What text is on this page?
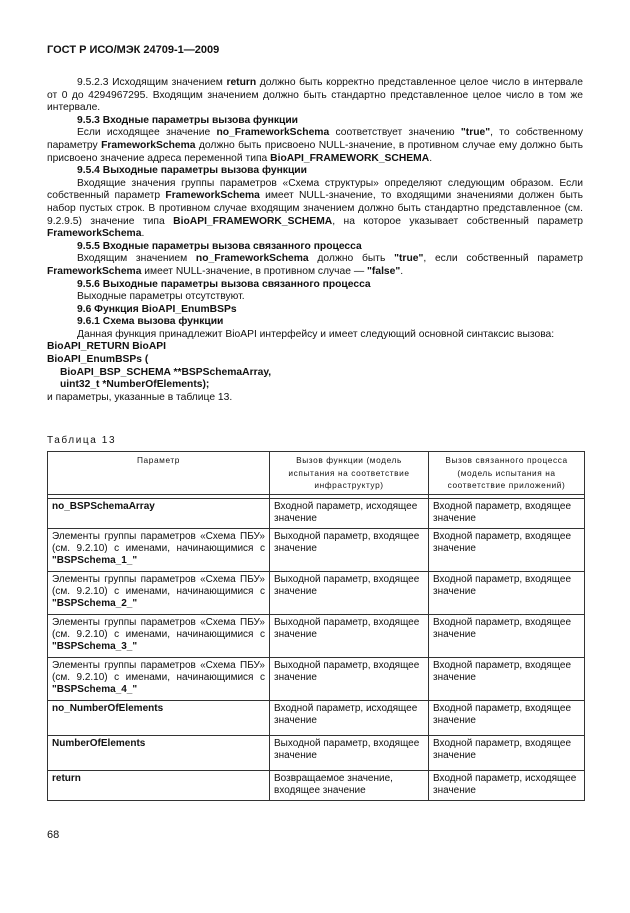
ГОСТ Р ИСО/МЭК 24709-1—2009

9.5.2.3 Исходящим значением return должно быть корректно представленное целое число в интервале от 0 до 4294967295. Входящим значением должно быть стандартно представленное целое число в том же интервале.

9.5.3 Входные параметры вызова функции

Если исходящее значение no_FrameworkSchema соответствует значению "true", то собственному параметру FrameworkSchema должно быть присвоено NULL-значение, в противном случае ему должно быть присвоено значение адреса переменной типа BioAPI_FRAMEWORK_SCHEMA.

9.5.4 Выходные параметры вызова функции

Входящие значения группы параметров «Схема структуры» определяют следующим образом. Если собственный параметр FrameworkSchema имеет NULL-значение, то входящими значениями должен быть набор пустых строк. В противном случае входящим значением должно быть стандартно представленное (см. 9.2.9.5) значение типа BioAPI_FRAMEWORK_SCHEMA, на которое указывает собственный параметр FrameworkSchema.

9.5.5 Входные параметры вызова связанного процесса

Входящим значением no_FrameworkSchema должно быть "true", если собственный параметр FrameworkSchema имеет NULL-значение, в противном случае — "false".

9.5.6 Выходные параметры вызова связанного процесса

Выходные параметры отсутствуют.

9.6 Функция BioAPI_EnumBSPs

9.6.1 Схема вызова функции

Данная функция принадлежит BioAPI интерфейсу и имеет следующий основной синтаксис вызова:

BioAPI_RETURN BioAPI

BioAPI_EnumBSPs (

BioAPI_BSP_SCHEMA **BSPSchemaArray,

uint32_t *NumberOfElements);

и параметры, указанные в таблице 13.

Таблица 13
Параметр	Вызов функции (модель испытания на соответствие инфраструктур)	Вызов связанного процесса (модель испытания на соответствие приложений)

no_BSPSchemaArray	Входной параметр, исходящее значение	Входной параметр, входящее значение
Элементы группы параметров «Схема ПБУ» (см. 9.2.10) с именами, начинающимися с "BSPSchema_1_"	Выходной параметр, входящее значение	Входной параметр, входящее значение
Элементы группы параметров «Схема ПБУ» (см. 9.2.10) с именами, начинающимися с "BSPSchema_2_"	Выходной параметр, входящее значение	Входной параметр, входящее значение
Элементы группы параметров «Схема ПБУ» (см. 9.2.10) с именами, начинающимися с "BSPSchema_3_"	Выходной параметр, входящее значение	Входной параметр, входящее значение
Элементы группы параметров «Схема ПБУ» (см. 9.2.10) с именами, начинающимися с "BSPSchema_4_"	Выходной параметр, входящее значение	Входной параметр, входящее значение
no_NumberOfElements	Входной параметр, исходящее значение	Входной параметр, входящее значение
NumberOfElements	Выходной параметр, входящее значение	Входной параметр, входящее значение
return	Возвращаемое значение, входящее значение	Входной параметр, исходящее значение
68
